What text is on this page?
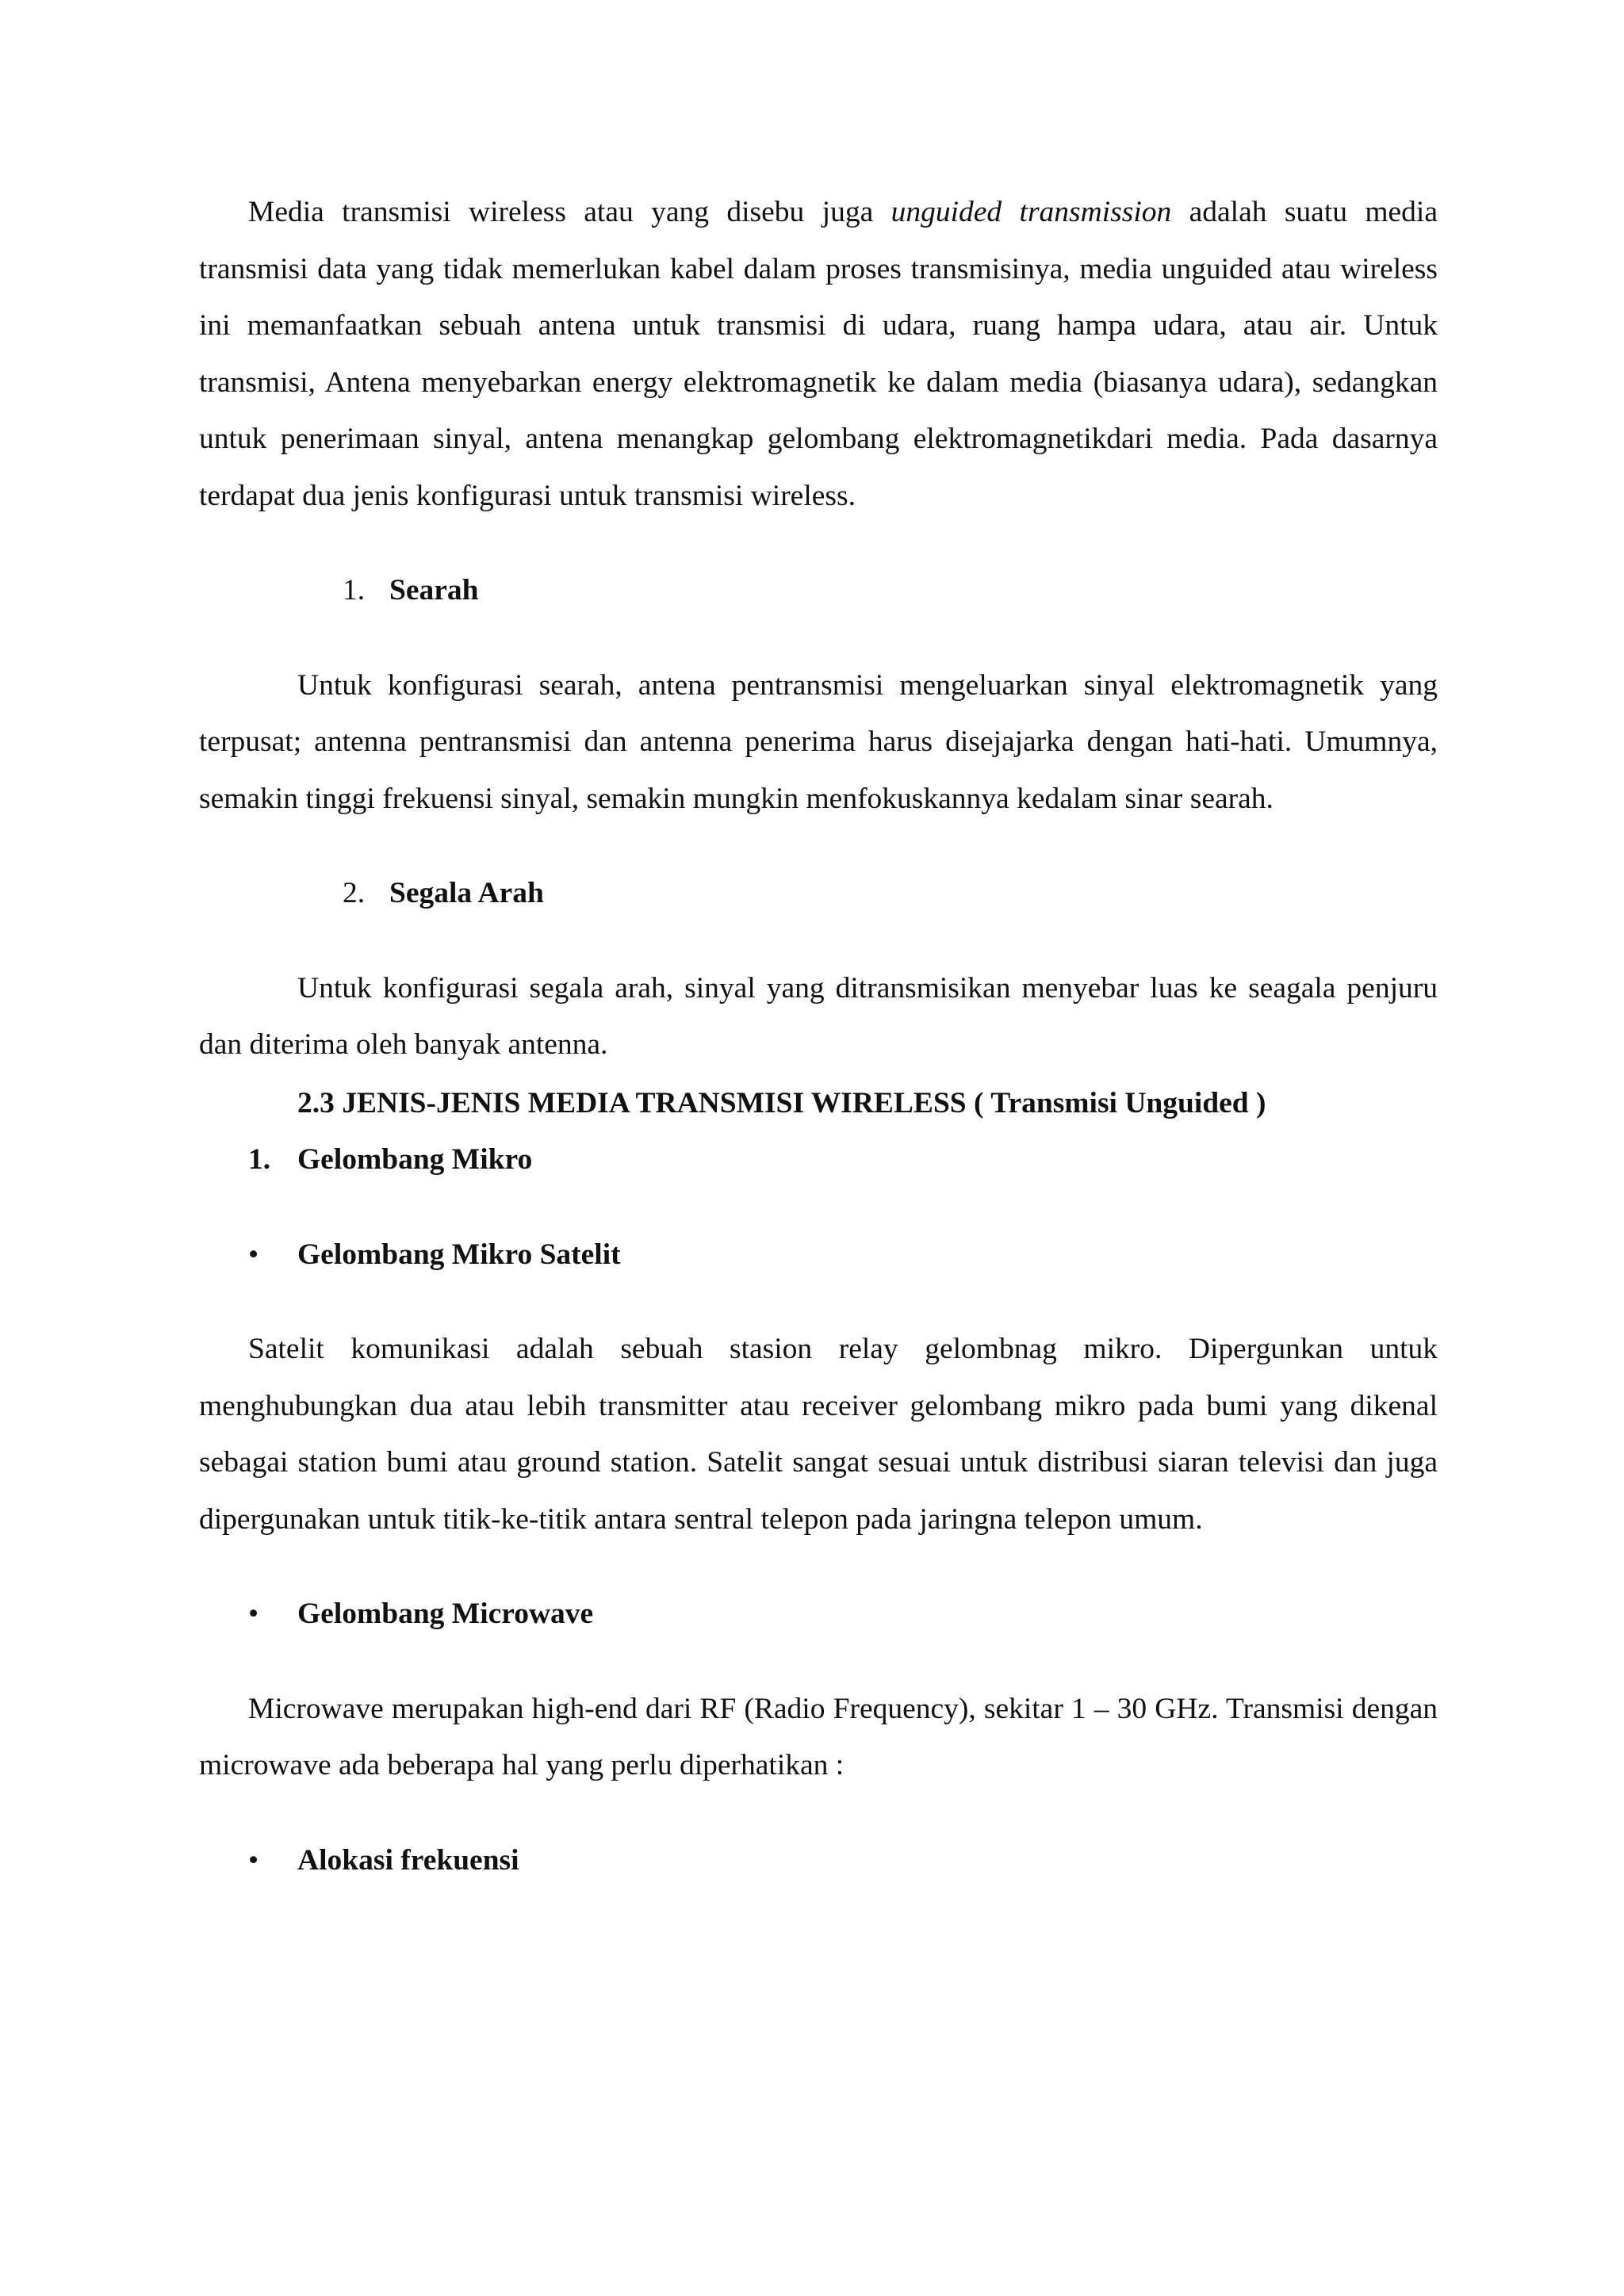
Media transmisi wireless atau yang disebu juga unguided transmission adalah suatu media transmisi data yang tidak memerlukan kabel dalam proses transmisinya, media unguided atau wireless ini memanfaatkan sebuah antena untuk transmisi di udara, ruang hampa udara, atau air. Untuk transmisi, Antena menyebarkan energy elektromagnetik ke dalam media (biasanya udara), sedangkan untuk penerimaan sinyal, antena menangkap gelombang elektromagnetikdari media. Pada dasarnya terdapat dua jenis konfigurasi untuk transmisi wireless.

1. Searah

Untuk konfigurasi searah, antena pentransmisi mengeluarkan sinyal elektromagnetik yang terpusat; antenna pentransmisi dan antenna penerima harus disejajarka dengan hati-hati. Umumnya, semakin tinggi frekuensi sinyal, semakin mungkin menfokuskannya kedalam sinar searah.

2. Segala Arah

Untuk konfigurasi segala arah, sinyal yang ditransmisikan menyebar luas ke seagala penjuru dan diterima oleh banyak antenna.

2.3 JENIS-JENIS MEDIA TRANSMISI WIRELESS ( Transmisi Unguided )

1. Gelombang Mikro

• Gelombang Mikro Satelit

Satelit komunikasi adalah sebuah stasion relay gelombnag mikro. Dipergunkan untuk menghubungkan dua atau lebih transmitter atau receiver gelombang mikro pada bumi yang dikenal sebagai station bumi atau ground station. Satelit sangat sesuai untuk distribusi siaran televisi dan juga dipergunakan untuk titik-ke-titik antara sentral telepon pada jaringna telepon umum.

• Gelombang Microwave

Microwave merupakan high-end dari RF (Radio Frequency), sekitar 1 – 30 GHz. Transmisi dengan microwave ada beberapa hal yang perlu diperhatikan :

• Alokasi frekuensi
